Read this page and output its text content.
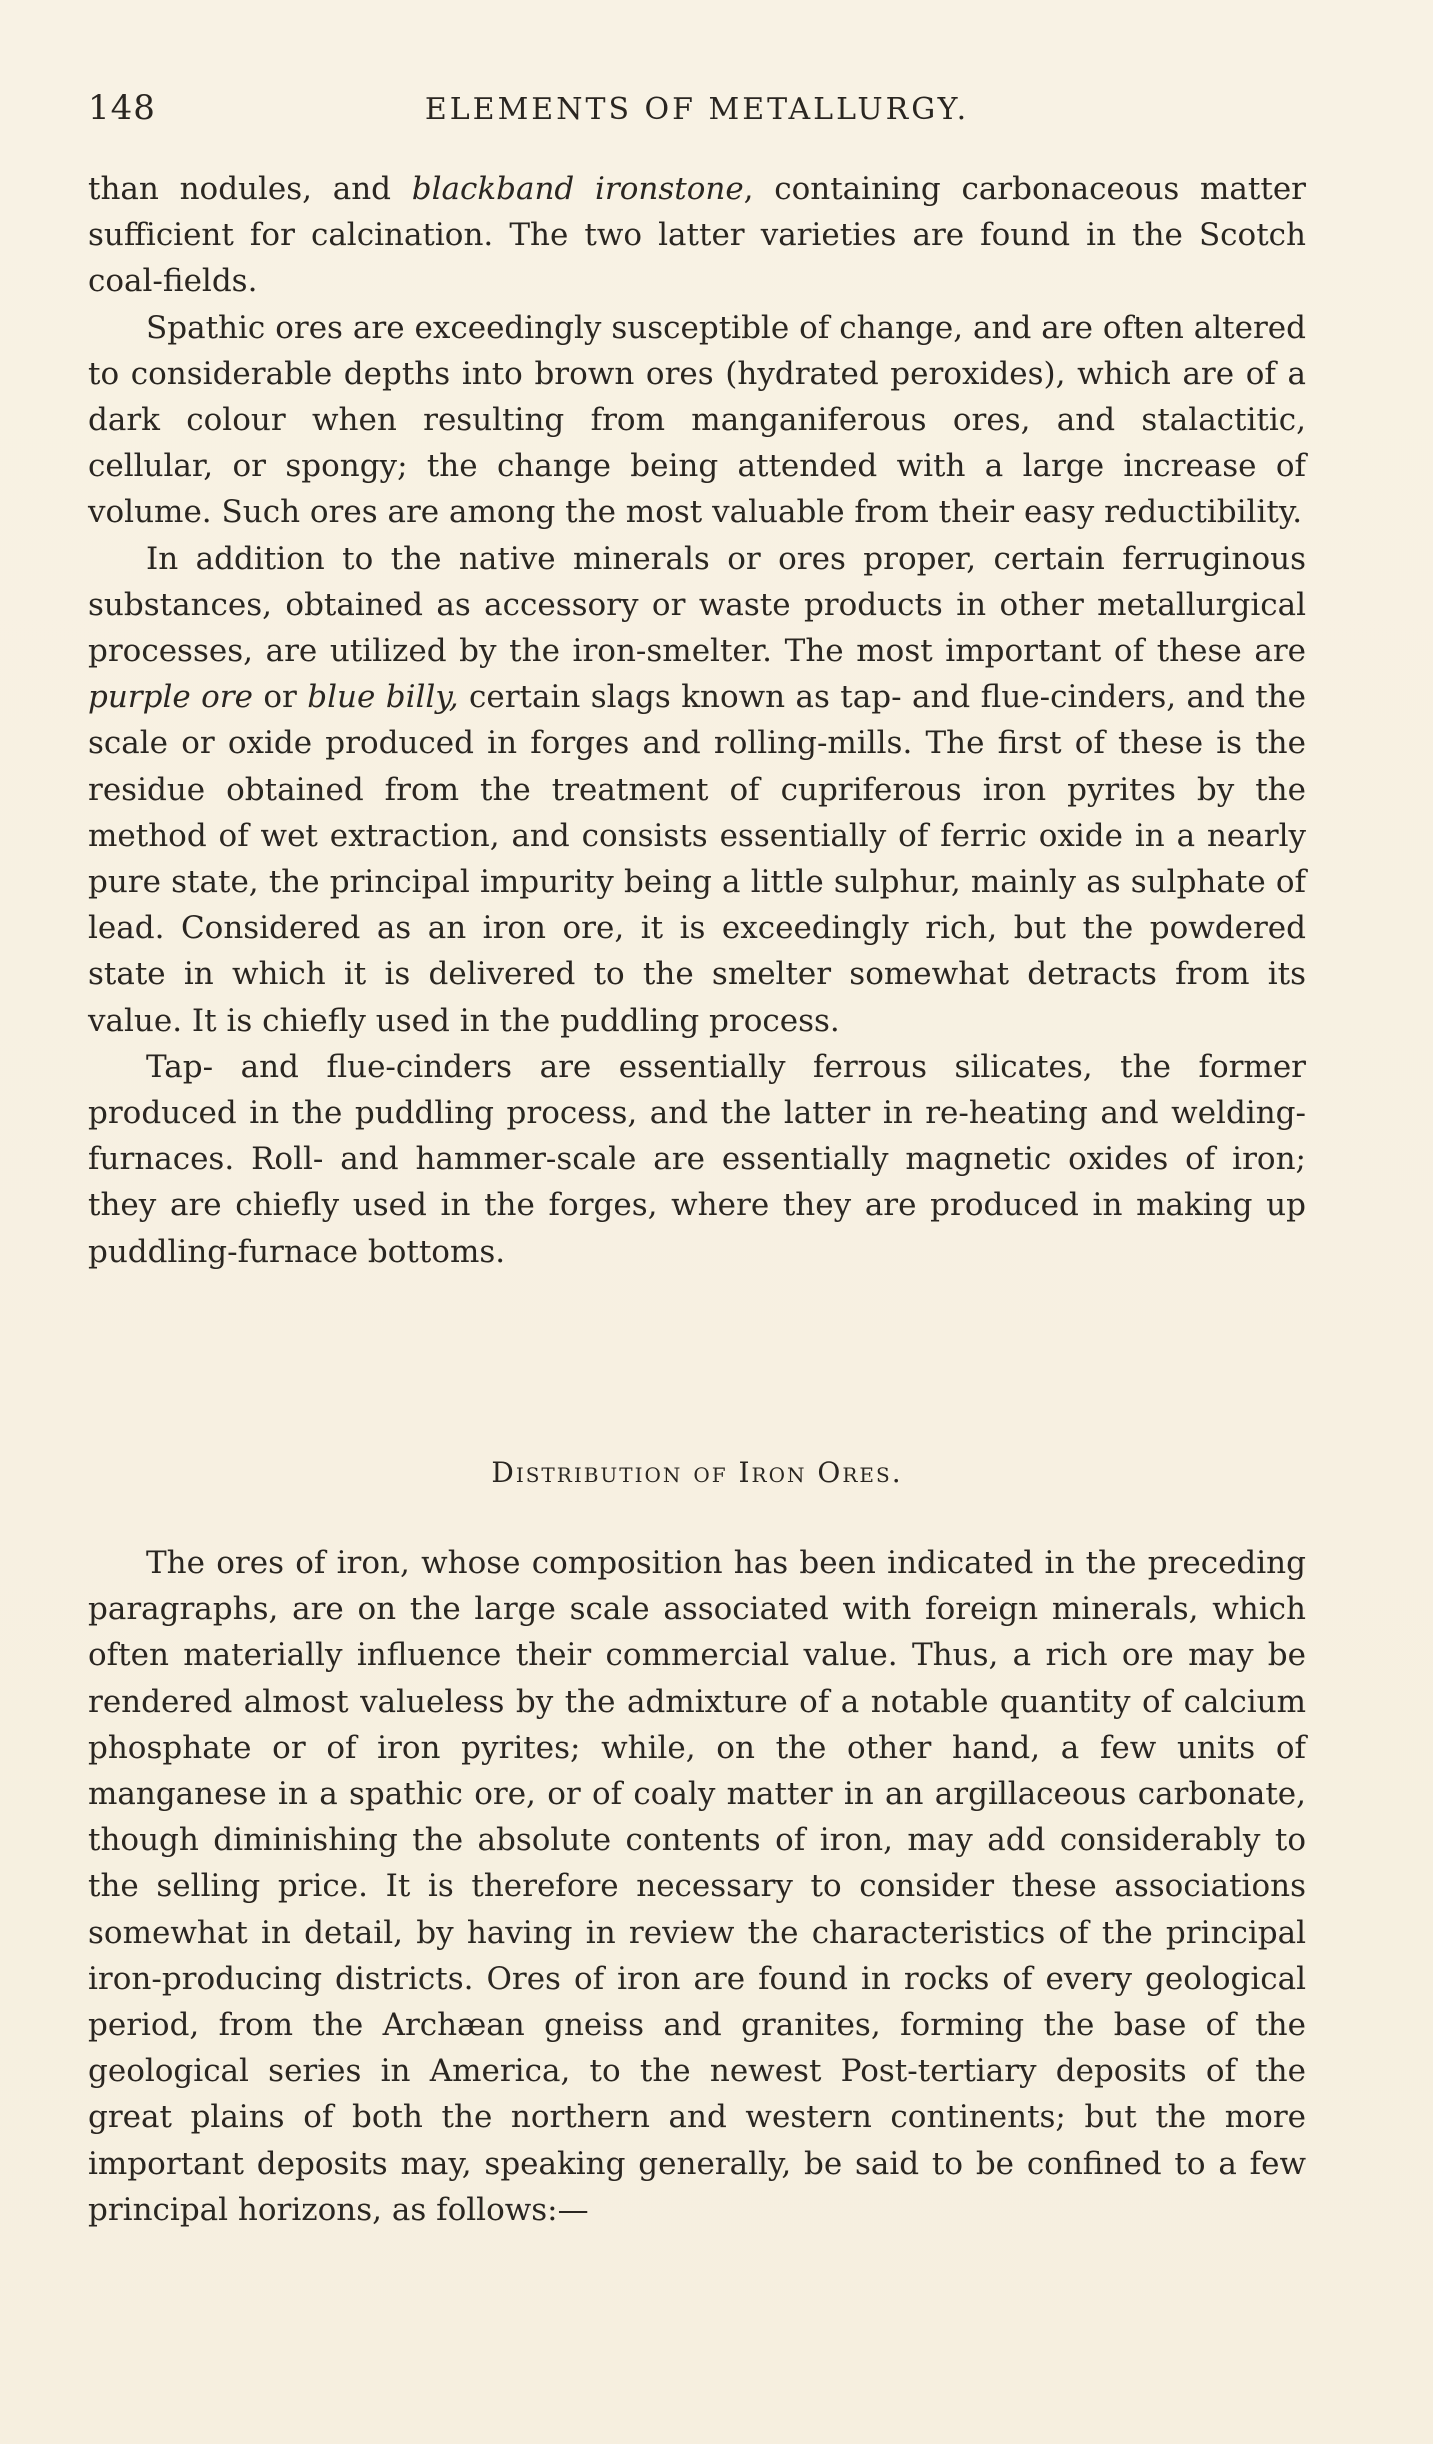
148	ELEMENTS OF METALLURGY.

than nodules, and blackband ironstone, containing carbonaceous matter sufficient for calcination. The two latter varieties are found in the Scotch coal-fields.

Spathic ores are exceedingly susceptible of change, and are often altered to considerable depths into brown ores (hydrated peroxides), which are of a dark colour when resulting from manganiferous ores, and stalactitic, cellular, or spongy; the change being attended with a large increase of volume. Such ores are among the most valuable from their easy reductibility.

In addition to the native minerals or ores proper, certain ferruginous substances, obtained as accessory or waste products in other metallurgical processes, are utilized by the iron-smelter. The most important of these are purple ore or blue billy, certain slags known as tap- and flue-cinders, and the scale or oxide produced in forges and rolling-mills. The first of these is the residue obtained from the treatment of cupriferous iron pyrites by the method of wet extraction, and consists essentially of ferric oxide in a nearly pure state, the principal impurity being a little sulphur, mainly as sulphate of lead. Considered as an iron ore, it is exceedingly rich, but the powdered state in which it is delivered to the smelter somewhat detracts from its value. It is chiefly used in the puddling process.

Tap- and flue-cinders are essentially ferrous silicates, the former produced in the puddling process, and the latter in re-heating and welding-furnaces. Roll- and hammer-scale are essentially magnetic oxides of iron; they are chiefly used in the forges, where they are produced in making up puddling-furnace bottoms.

Distribution of Iron Ores.

The ores of iron, whose composition has been indicated in the preceding paragraphs, are on the large scale associated with foreign minerals, which often materially influence their commercial value. Thus, a rich ore may be rendered almost valueless by the admixture of a notable quantity of calcium phosphate or of iron pyrites; while, on the other hand, a few units of manganese in a spathic ore, or of coaly matter in an argillaceous carbonate, though diminishing the absolute contents of iron, may add considerably to the selling price. It is therefore necessary to consider these associations somewhat in detail, by having in review the characteristics of the principal iron-producing districts. Ores of iron are found in rocks of every geological period, from the Archæan gneiss and granites, forming the base of the geological series in America, to the newest Post-tertiary deposits of the great plains of both the northern and western continents; but the more important deposits may, speaking generally, be said to be confined to a few principal horizons, as follows:—
